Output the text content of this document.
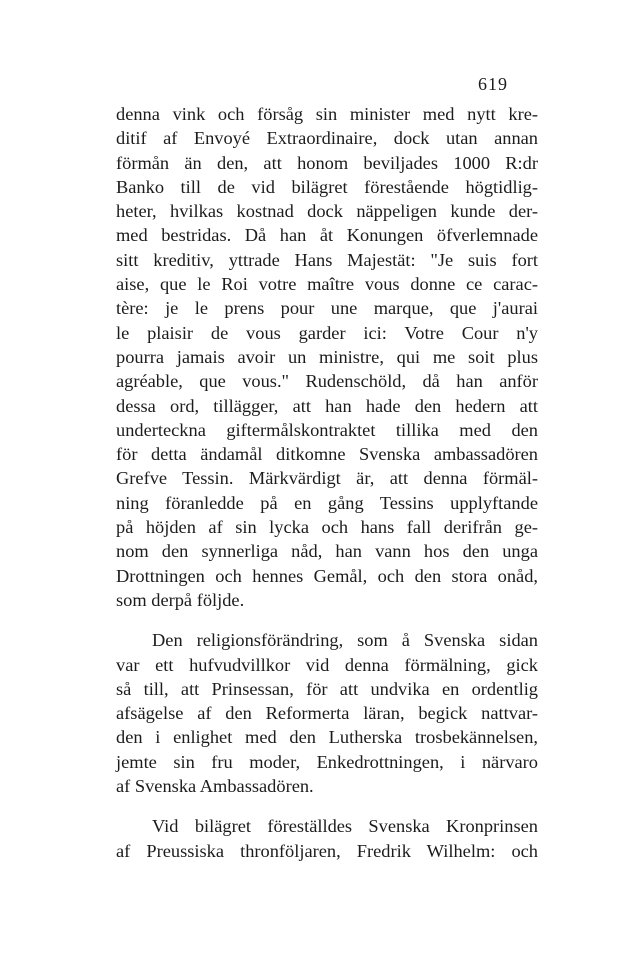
619
denna vink och försåg sin minister med nytt kre-
ditif af Envoyé Extraordinaire, dock utan annan
förmån än den, att honom beviljades 1000 R:dr
Banko till de vid bilägret förestående högtidlig-
heter, hvilkas kostnad dock näppeligen kunde der-
med bestridas. Då han åt Konungen öfverlemnade
sitt kreditiv, yttrade Hans Majestät: "Je suis fort
aise, que le Roi votre maître vous donne ce carac-
tère: je le prens pour une marque, que j'aurai
le plaisir de vous garder ici: Votre Cour n'y
pourra jamais avoir un ministre, qui me soit plus
agréable, que vous." Rudenschöld, då han anför
dessa ord, tillägger, att han hade den hedern att
underteckna giftermålskontraktet tillika med den
för detta ändamål ditkomne Svenska ambassadören
Grefve Tessin. Märkvärdigt är, att denna förmäl-
ning föranledde på en gång Tessins upplyftande
på höjden af sin lycka och hans fall derifrån ge-
nom den synnerliga nåd, han vann hos den unga
Drottningen och hennes Gemål, och den stora onåd,
som derpå följde.
Den religionsförändring, som å Svenska sidan
var ett hufvudvillkor vid denna förmälning, gick
så till, att Prinsessan, för att undvika en ordentlig
afsägelse af den Reformerta läran, begick nattvar-
den i enlighet med den Lutherska trosbekännelsen,
jemte sin fru moder, Enkedrottningen, i närvaro
af Svenska Ambassadören.
Vid bilägret föreställdes Svenska Kronprinsen
af Preussiska thronföljaren, Fredrik Wilhelm: och
